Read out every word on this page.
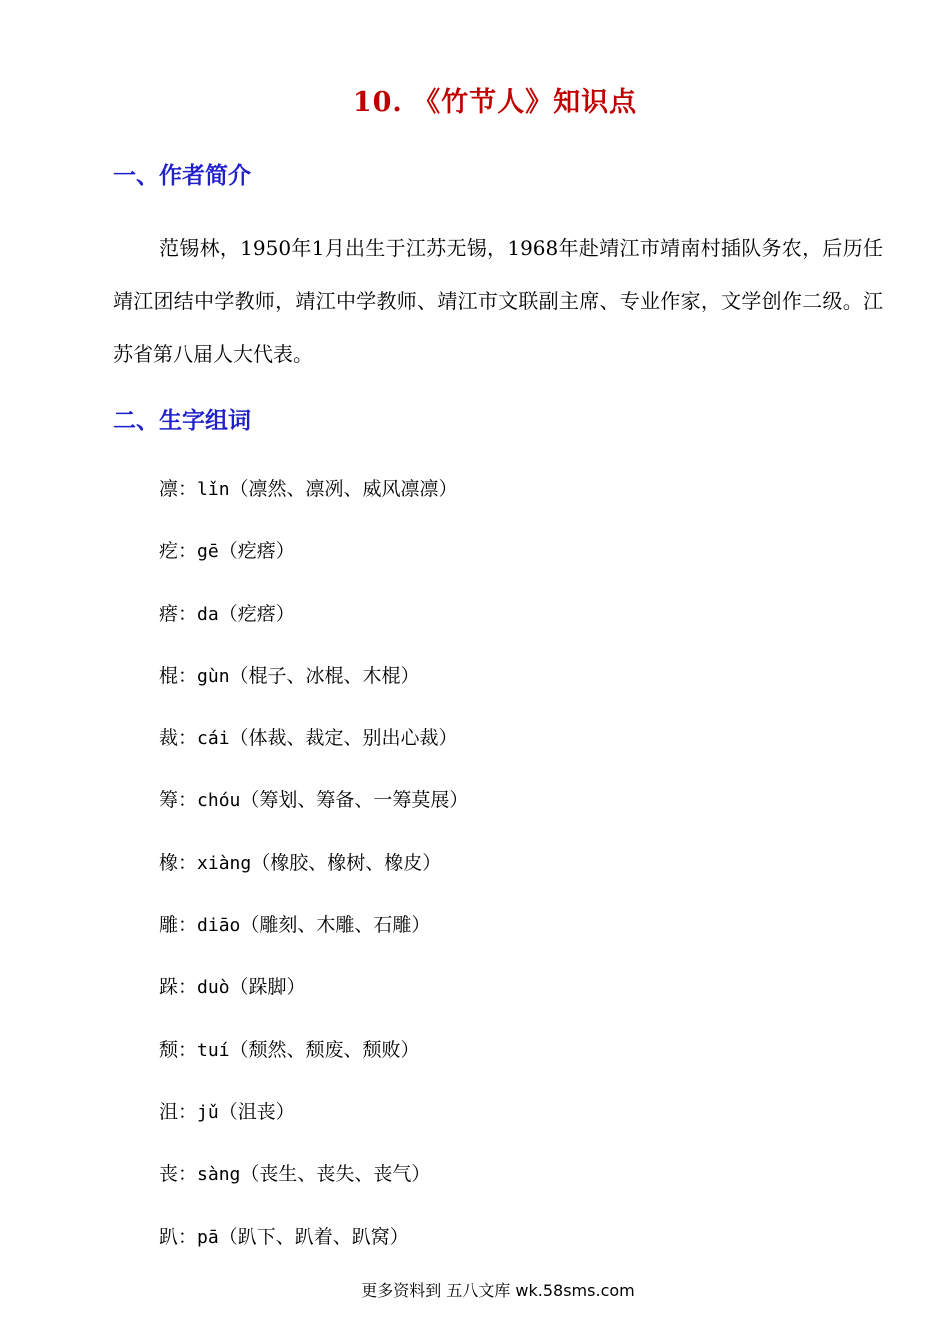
10. 《竹节人》知识点
一、作者简介
范锡林，1950年1月出生于江苏无锡，1968年赴靖江市靖南村插队务农，后历任靖江团结中学教师，靖江中学教师、靖江市文联副主席、专业作家，文学创作二级。江苏省第八届人大代表。
二、生字组词
凛：lǐn（凛然、凛冽、威风凛凛）
疙：gē（疙瘩）
瘩：da（疙瘩）
棍：gùn（棍子、冰棍、木棍）
裁：cái（体裁、裁定、别出心裁）
筹：chóu（筹划、筹备、一筹莫展）
橡：xiàng（橡胶、橡树、橡皮）
雕：diāo（雕刻、木雕、石雕）
跺：duò（跺脚）
颓：tuí（颓然、颓废、颓败）
沮：jǔ（沮丧）
丧：sàng（丧生、丧失、丧气）
趴：pā（趴下、趴着、趴窝）
更多资料到 五八文库 wk.58sms.com
